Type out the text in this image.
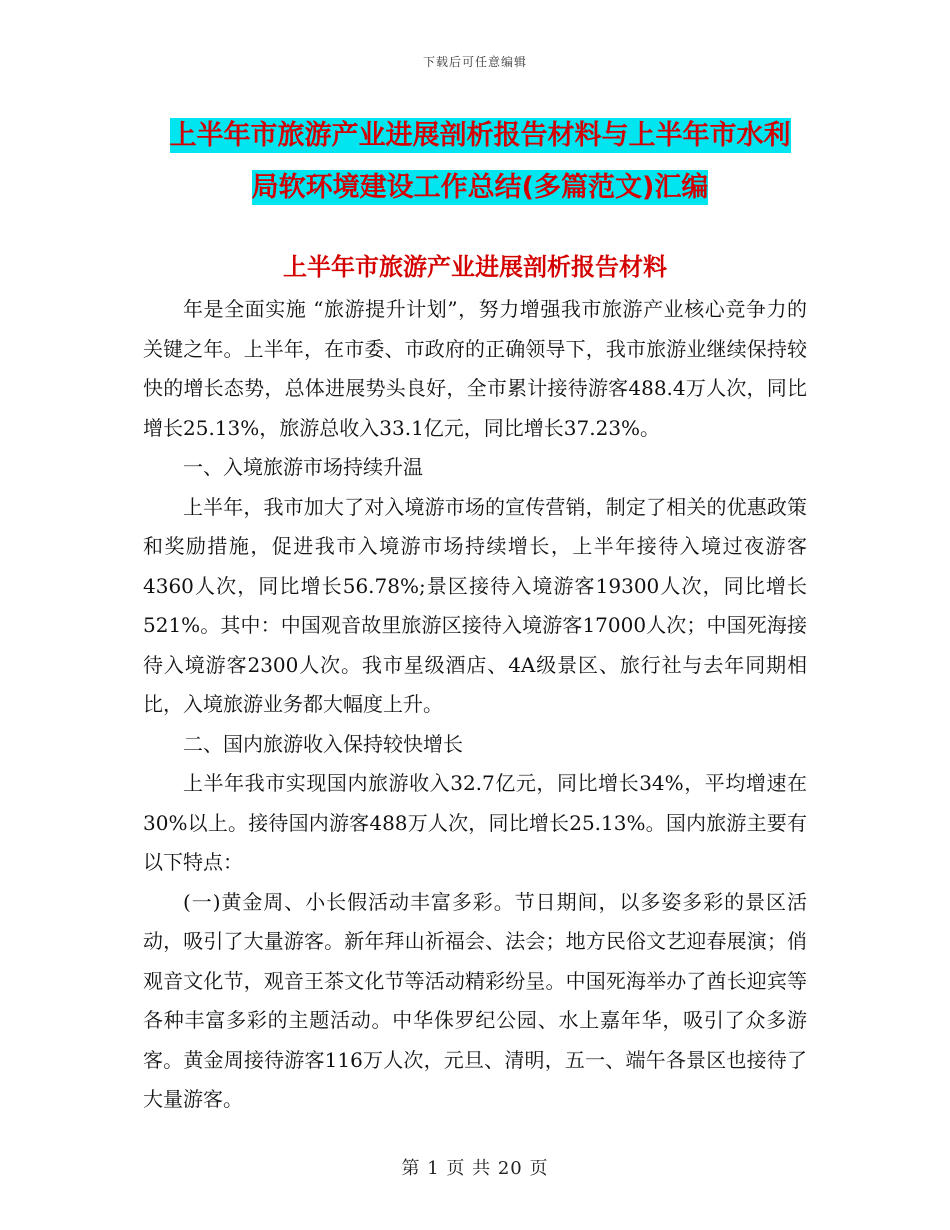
下载后可任意编辑
上半年市旅游产业进展剖析报告材料与上半年市水利
局软环境建设工作总结(多篇范文)汇编
上半年市旅游产业进展剖析报告材料

年是全面实施 “旅游提升计划”，努力增强我市旅游产业核心竞争力的关键之年。上半年，在市委、市政府的正确领导下，我市旅游业继续保持较快的增长态势，总体进展势头良好，全市累计接待游客488.4万人次，同比增长25.13%，旅游总收入33.1亿元，同比增长37.23%。

一、入境旅游市场持续升温

上半年，我市加大了对入境游市场的宣传营销，制定了相关的优惠政策和奖励措施，促进我市入境游市场持续增长，上半年接待入境过夜游客4360人次，同比增长56.78%;景区接待入境游客19300人次，同比增长521%。其中：中国观音故里旅游区接待入境游客17000人次；中国死海接待入境游客2300人次。我市星级酒店、4A级景区、旅行社与去年同期相比，入境旅游业务都大幅度上升。

二、国内旅游收入保持较快增长

上半年我市实现国内旅游收入32.7亿元，同比增长34%，平均增速在30%以上。接待国内游客488万人次，同比增长25.13%。国内旅游主要有以下特点：

(一)黄金周、小长假活动丰富多彩。节日期间，以多姿多彩的景区活动，吸引了大量游客。新年拜山祈福会、法会；地方民俗文艺迎春展演；俏观音文化节，观音王茶文化节等活动精彩纷呈。中国死海举办了酋长迎宾等各种丰富多彩的主题活动。中华侏罗纪公园、水上嘉年华，吸引了众多游客。黄金周接待游客116万人次，元旦、清明，五一、端午各景区也接待了大量游客。

第 1 页 共 20 页
